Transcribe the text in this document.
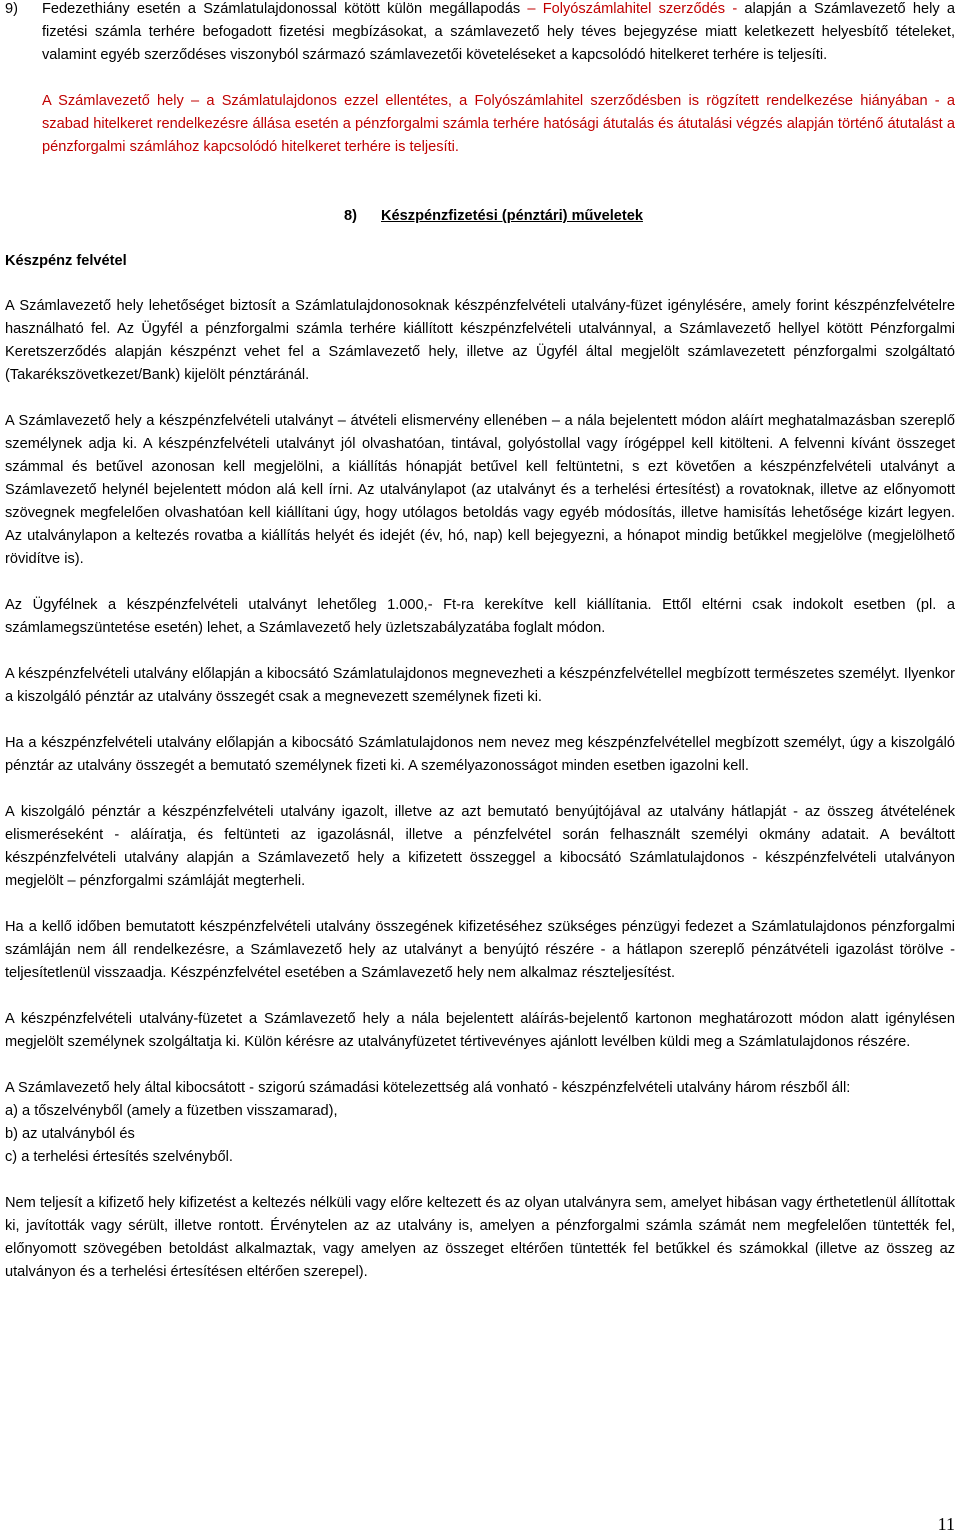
9)	Fedezethiány esetén a Számlatulajdonossal kötött külön megállapodás – Folyószámlahitel szerződés - alapján a Számlavezető hely a fizetési számla terhére befogadott fizetési megbízásokat, a számlavezető hely téves bejegyzése miatt keletkezett helyesbítő tételeket, valamint egyéb szerződéses viszonyból származó számlavezetői követeléseket a kapcsolódó hitelkeret terhére is teljesíti.

A Számlavezető hely – a Számlatulajdonos ezzel ellentétes, a Folyószámlahitel szerződésben is rögzített rendelkezése hiányában - a szabad hitelkeret rendelkezésre állása esetén a pénzforgalmi számla terhére hatósági átutalás és átutalási végzés alapján történő átutalást a pénzforgalmi számlához kapcsolódó hitelkeret terhére is teljesíti.

8) Készpénzfizetési (pénztári) műveletek
Készpénz felvétel

A Számlavezető hely lehetőséget biztosít a Számlatulajdonosoknak készpénzfelvételi utalvány-füzet igénylésére, amely forint készpénzfelvételre használható fel. Az Ügyfél a pénzforgalmi számla terhére kiállított készpénzfelvételi utalvánnyal, a Számlavezető hellyel kötött Pénzforgalmi Keretszerződés alapján készpénzt vehet fel a Számlavezető hely, illetve az Ügyfél által megjelölt számlavezetett pénzforgalmi szolgáltató (Takarékszövetkezet/Bank) kijelölt pénztáránál.

A Számlavezető hely a készpénzfelvételi utalványt – átvételi elismervény ellenében – a nála bejelentett módon aláírt meghatalmazásban szereplő személynek adja ki. A készpénzfelvételi utalványt jól olvashatóan, tintával, golyóstollal vagy írógéppel kell kitölteni. A felvenni kívánt összeget számmal és betűvel azonosan kell megjelölni, a kiállítás hónapját betűvel kell feltüntetni, s ezt követően a készpénzfelvételi utalványt a Számlavezető helynél bejelentett módon alá kell írni. Az utalványlapot (az utalványt és a terhelési értesítést) a rovatoknak, illetve az előnyomott szövegnek megfelelően olvashatóan kell kiállítani úgy, hogy utólagos betoldás vagy egyéb módosítás, illetve hamisítás lehetősége kizárt legyen. Az utalványlapon a keltezés rovatba a kiállítás helyét és idejét (év, hó, nap) kell bejegyezni, a hónapot mindig betűkkel megjelölve (megjelölhető rövidítve is).

Az Ügyfélnek a készpénzfelvételi utalványt lehetőleg 1.000,- Ft-ra kerekítve kell kiállítania. Ettől eltérni csak indokolt esetben (pl. a számlamegszüntetése esetén) lehet, a Számlavezető hely üzletszabályzatába foglalt módon.

A készpénzfelvételi utalvány előlapján a kibocsátó Számlatulajdonos megnevezheti a készpénzfelvétellel megbízott természetes személyt. Ilyenkor a kiszolgáló pénztár az utalvány összegét csak a megnevezett személynek fizeti ki.

Ha a készpénzfelvételi utalvány előlapján a kibocsátó Számlatulajdonos nem nevez meg készpénzfelvétellel megbízott személyt, úgy a kiszolgáló pénztár az utalvány összegét a bemutató személynek fizeti ki. A személyazonosságot minden esetben igazolni kell.

A kiszolgáló pénztár a készpénzfelvételi utalvány igazolt, illetve az azt bemutató benyújtójával az utalvány hátlapját - az összeg átvételének elismeréseként - aláíratja, és feltünteti az igazolásnál, illetve a pénzfelvétel során felhasznált személyi okmány adatait. A beváltott készpénzfelvételi utalvány alapján a Számlavezető hely a kifizetett összeggel a kibocsátó Számlatulajdonos - készpénzfelvételi utalványon megjelölt – pénzforgalmi számláját megterheli.

Ha a kellő időben bemutatott készpénzfelvételi utalvány összegének kifizetéséhez szükséges pénzügyi fedezet a Számlatulajdonos pénzforgalmi számláján nem áll rendelkezésre, a Számlavezető hely az utalványt a benyújtó részére - a hátlapon szereplő pénzátvételi igazolást törölve - teljesítetlenül visszaadja. Készpénzfelvétel esetében a Számlavezető hely nem alkalmaz részteljesítést.

A készpénzfelvételi utalvány-füzetet a Számlavezető hely a nála bejelentett aláírás-bejelentő kartonon meghatározott módon alatt igénylésen megjelölt személynek szolgáltatja ki. Külön kérésre az utalványfüzetet tértivevényes ajánlott levélben küldi meg a Számlatulajdonos részére.

A Számlavezető hely által kibocsátott - szigorú számadási kötelezettség alá vonható - készpénzfelvételi utalvány három részből áll:

a) a tőszelvényből (amely a füzetben visszamarad),

b) az utalványból és

c) a terhelési értesítés szelvényből.

Nem teljesít a kifizető hely kifizetést a keltezés nélküli vagy előre keltezett és az olyan utalványra sem, amelyet hibásan vagy érthetetlenül állítottak ki, javították vagy sérült, illetve rontott. Érvénytelen az az utalvány is, amelyen a pénzforgalmi számla számát nem megfelelően tüntették fel, előnyomott szövegében betoldást alkalmaztak, vagy amelyen az összeget eltérően tüntették fel betűkkel és számokkal (illetve az összeg az utalványon és a terhelési értesítésen eltérően szerepel).

11
